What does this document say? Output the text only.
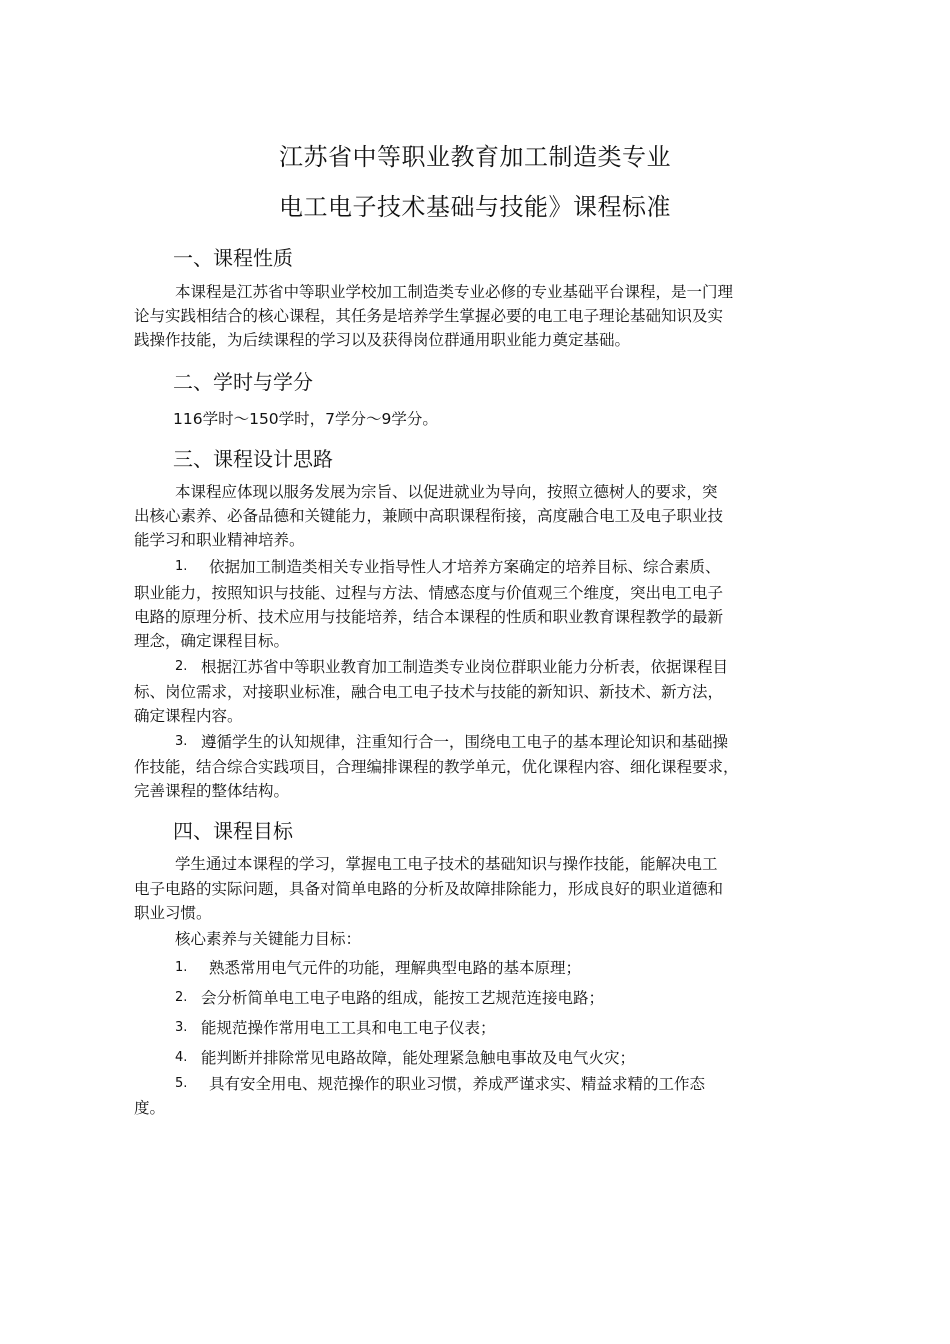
江苏省中等职业教育加工制造类专业
电工电子技术基础与技能》课程标准
一、课程性质
本课程是江苏省中等职业学校加工制造类专业必修的专业基础平台课程，是一门理
论与实践相结合的核心课程，其任务是培养学生掌握必要的电工电子理论基础知识及实
践操作技能，为后续课程的学习以及获得岗位群通用职业能力奠定基础。
二、学时与学分
116学时～150学时，7学分～9学分。
三、课程设计思路
本课程应体现以服务发展为宗旨、以促进就业为导向，按照立德树人的要求，突
出核心素养、必备品德和关键能力，兼顾中高职课程衔接，高度融合电工及电子职业技
能学习和职业精神培养。
1. 依据加工制造类相关专业指导性人才培养方案确定的培养目标、综合素质、
职业能力，按照知识与技能、过程与方法、情感态度与价值观三个维度，突出电工电子
电路的原理分析、技术应用与技能培养，结合本课程的性质和职业教育课程教学的最新
理念，确定课程目标。
2. 根据江苏省中等职业教育加工制造类专业岗位群职业能力分析表，依据课程目
标、岗位需求，对接职业标准，融合电工电子技术与技能的新知识、新技术、新方法，
确定课程内容。
3. 遵循学生的认知规律，注重知行合一，围绕电工电子的基本理论知识和基础操
作技能，结合综合实践项目，合理编排课程的教学单元，优化课程内容、细化课程要求，
完善课程的整体结构。
四、课程目标
学生通过本课程的学习，掌握电工电子技术的基础知识与操作技能，能解决电工
电子电路的实际问题，具备对简单电路的分析及故障排除能力，形成良好的职业道德和
职业习惯。
核心素养与关键能力目标：
1. 熟悉常用电气元件的功能，理解典型电路的基本原理；
2. 会分析简单电工电子电路的组成，能按工艺规范连接电路；
3. 能规范操作常用电工工具和电工电子仪表；
4. 能判断并排除常见电路故障，能处理紧急触电事故及电气火灾；
5. 具有安全用电、规范操作的职业习惯，养成严谨求实、精益求精的工作态
度。
